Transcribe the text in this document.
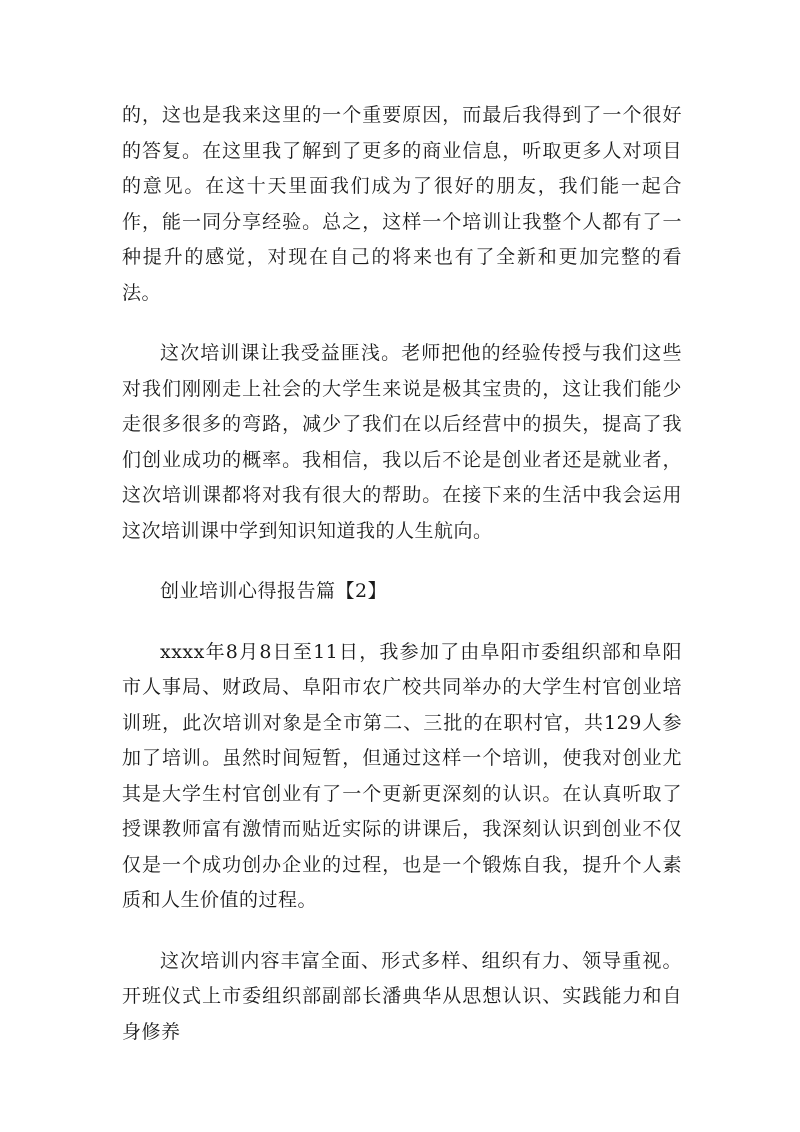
的，这也是我来这里的一个重要原因，而最后我得到了一个很好的答复。在这里我了解到了更多的商业信息，听取更多人对项目的意见。在这十天里面我们成为了很好的朋友，我们能一起合作，能一同分享经验。总之，这样一个培训让我整个人都有了一种提升的感觉，对现在自己的将来也有了全新和更加完整的看法。

这次培训课让我受益匪浅。老师把他的经验传授与我们这些对我们刚刚走上社会的大学生来说是极其宝贵的，这让我们能少走很多很多的弯路，减少了我们在以后经营中的损失，提高了我们创业成功的概率。我相信，我以后不论是创业者还是就业者，这次培训课都将对我有很大的帮助。在接下来的生活中我会运用这次培训课中学到知识知道我的人生航向。

创业培训心得报告篇【2】

xxxx年8月8日至11日，我参加了由阜阳市委组织部和阜阳市人事局、财政局、阜阳市农广校共同举办的大学生村官创业培训班，此次培训对象是全市第二、三批的在职村官，共129人参加了培训。虽然时间短暂，但通过这样一个培训，使我对创业尤其是大学生村官创业有了一个更新更深刻的认识。在认真听取了授课教师富有激情而贴近实际的讲课后，我深刻认识到创业不仅仅是一个成功创办企业的过程，也是一个锻炼自我，提升个人素质和人生价值的过程。

这次培训内容丰富全面、形式多样、组织有力、领导重视。开班仪式上市委组织部副部长潘典华从思想认识、实践能力和自身修养
